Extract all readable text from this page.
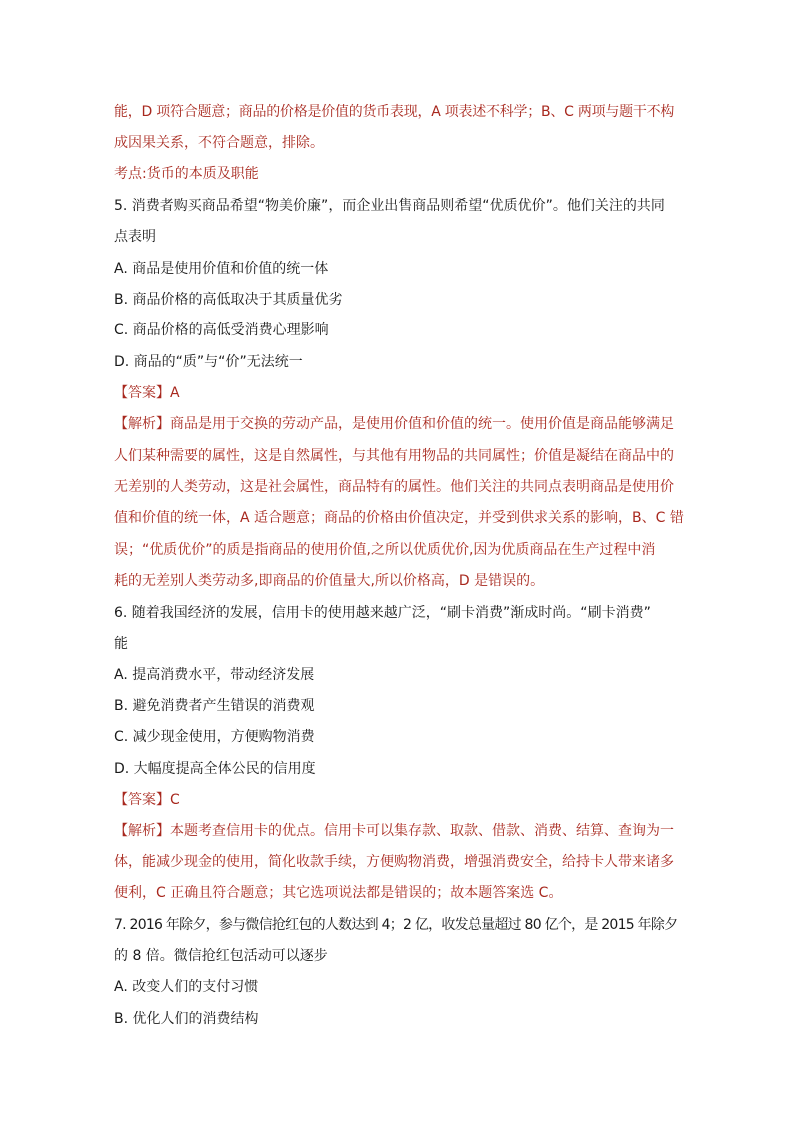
能，D 项符合题意；商品的价格是价值的货币表现，A 项表述不科学；B、C 两项与题干不构
成因果关系，不符合题意，排除。
考点:货币的本质及职能
5. 消费者购买商品希望“物美价廉”，而企业出售商品则希望“优质优价”。他们关注的共同
点表明
A. 商品是使用价值和价值的统一体
B. 商品价格的高低取决于其质量优劣
C. 商品价格的高低受消费心理影响
D. 商品的“质”与“价”无法统一
【答案】A
【解析】商品是用于交换的劳动产品，是使用价值和价值的统一。使用价值是商品能够满足
人们某种需要的属性，这是自然属性，与其他有用物品的共同属性；价值是凝结在商品中的
无差别的人类劳动，这是社会属性，商品特有的属性。他们关注的共同点表明商品是使用价
值和价值的统一体，A 适合题意；商品的价格由价值决定，并受到供求关系的影响，B、C 错
误；“优质优价”的质是指商品的使用价值,之所以优质优价,因为优质商品在生产过程中消
耗的无差别人类劳动多,即商品的价值量大,所以价格高，D 是错误的。
6. 随着我国经济的发展，信用卡的使用越来越广泛，“刷卡消费”渐成时尚。“刷卡消费”
能
A. 提高消费水平，带动经济发展
B. 避免消费者产生错误的消费观
C. 减少现金使用，方便购物消费
D. 大幅度提高全体公民的信用度
【答案】C
【解析】本题考查信用卡的优点。信用卡可以集存款、取款、借款、消费、结算、查询为一
体，能减少现金的使用，简化收款手续，方便购物消费，增强消费安全，给持卡人带来诸多
便利，C 正确且符合题意；其它选项说法都是错误的；故本题答案选 C。
7. 2016 年除夕，参与微信抢红包的人数达到 4；2 亿，收发总量超过 80 亿个，是 2015 年除夕
的 8 倍。微信抢红包活动可以逐步
A. 改变人们的支付习惯
B. 优化人们的消费结构
